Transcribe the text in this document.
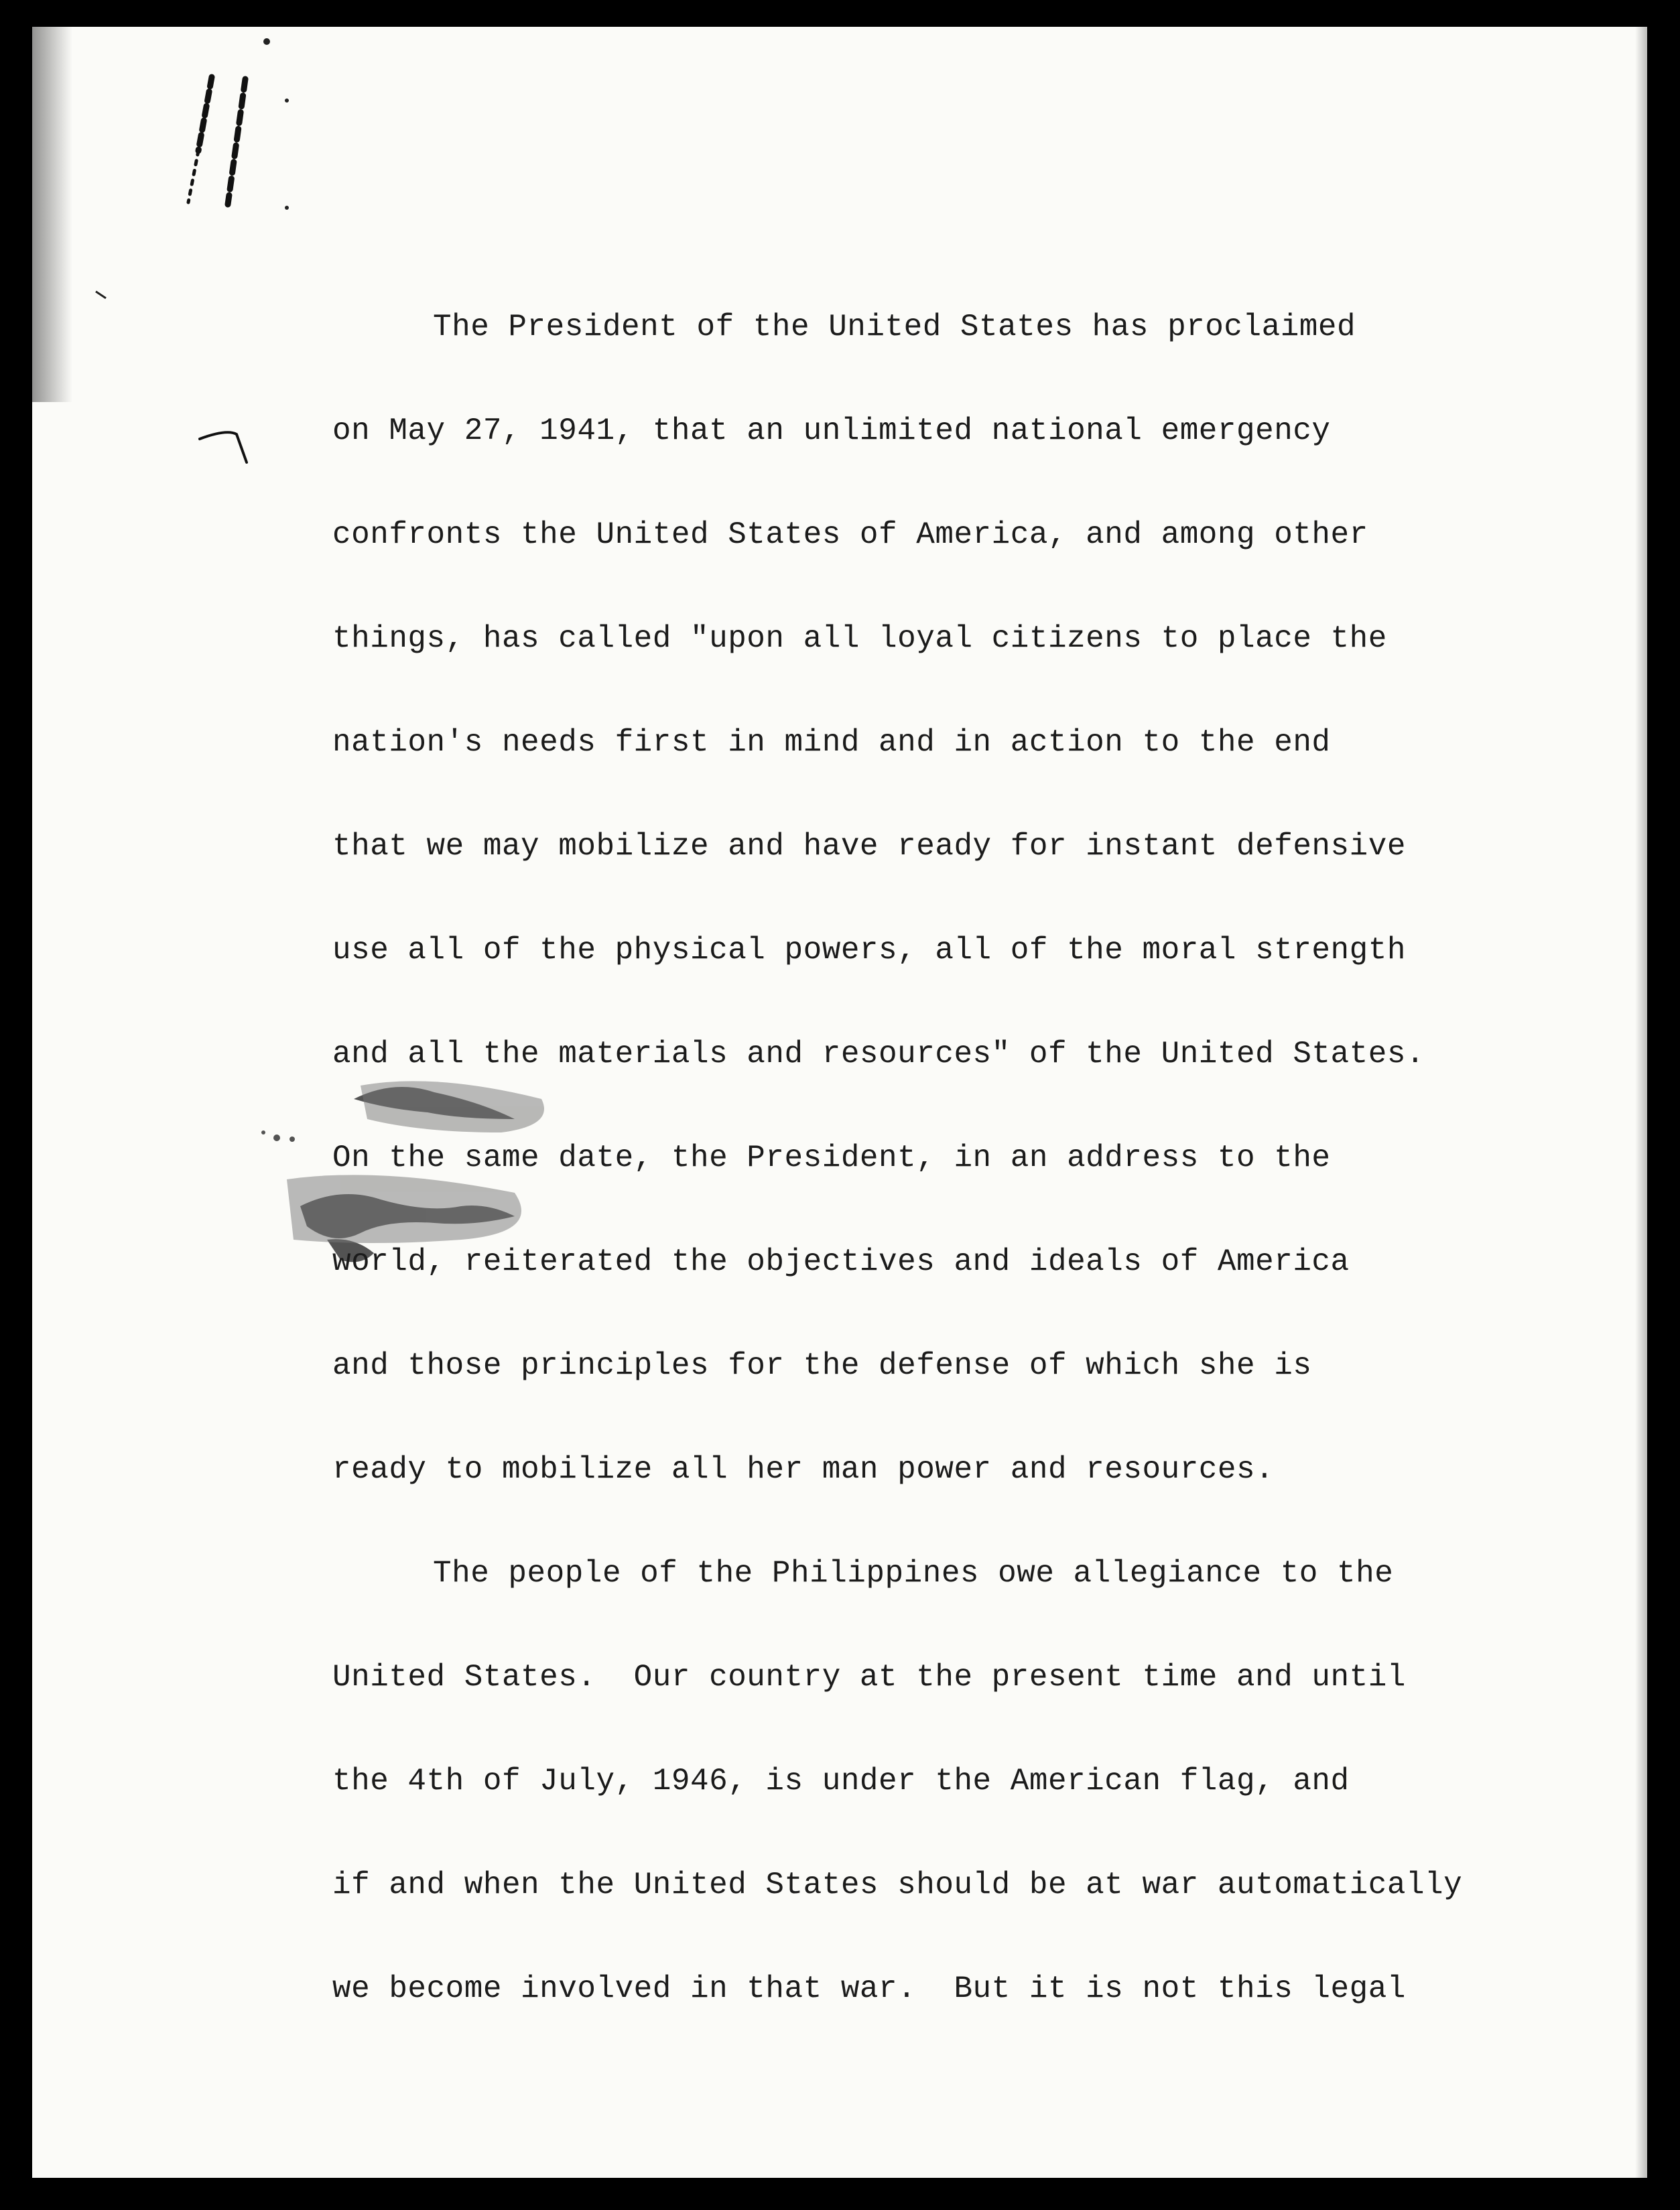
The President of the United States has proclaimed
on May 27, 1941, that an unlimited national emergency
confronts the United States of America, and among other
things, has called "upon all loyal citizens to place the
nation's needs first in mind and in action to the end
that we may mobilize and have ready for instant defensive
use all of the physical powers, all of the moral strength
and all the materials and resources" of the United States.
On the same date, the President, in an address to the
world, reiterated the objectives and ideals of America
and those principles for the defense of which she is
ready to mobilize all her man power and resources.
The people of the Philippines owe allegiance to the
United States.  Our country at the present time and until
the 4th of July, 1946, is under the American flag, and
if and when the United States should be at war automatically
we become involved in that war.  But it is not this legal
